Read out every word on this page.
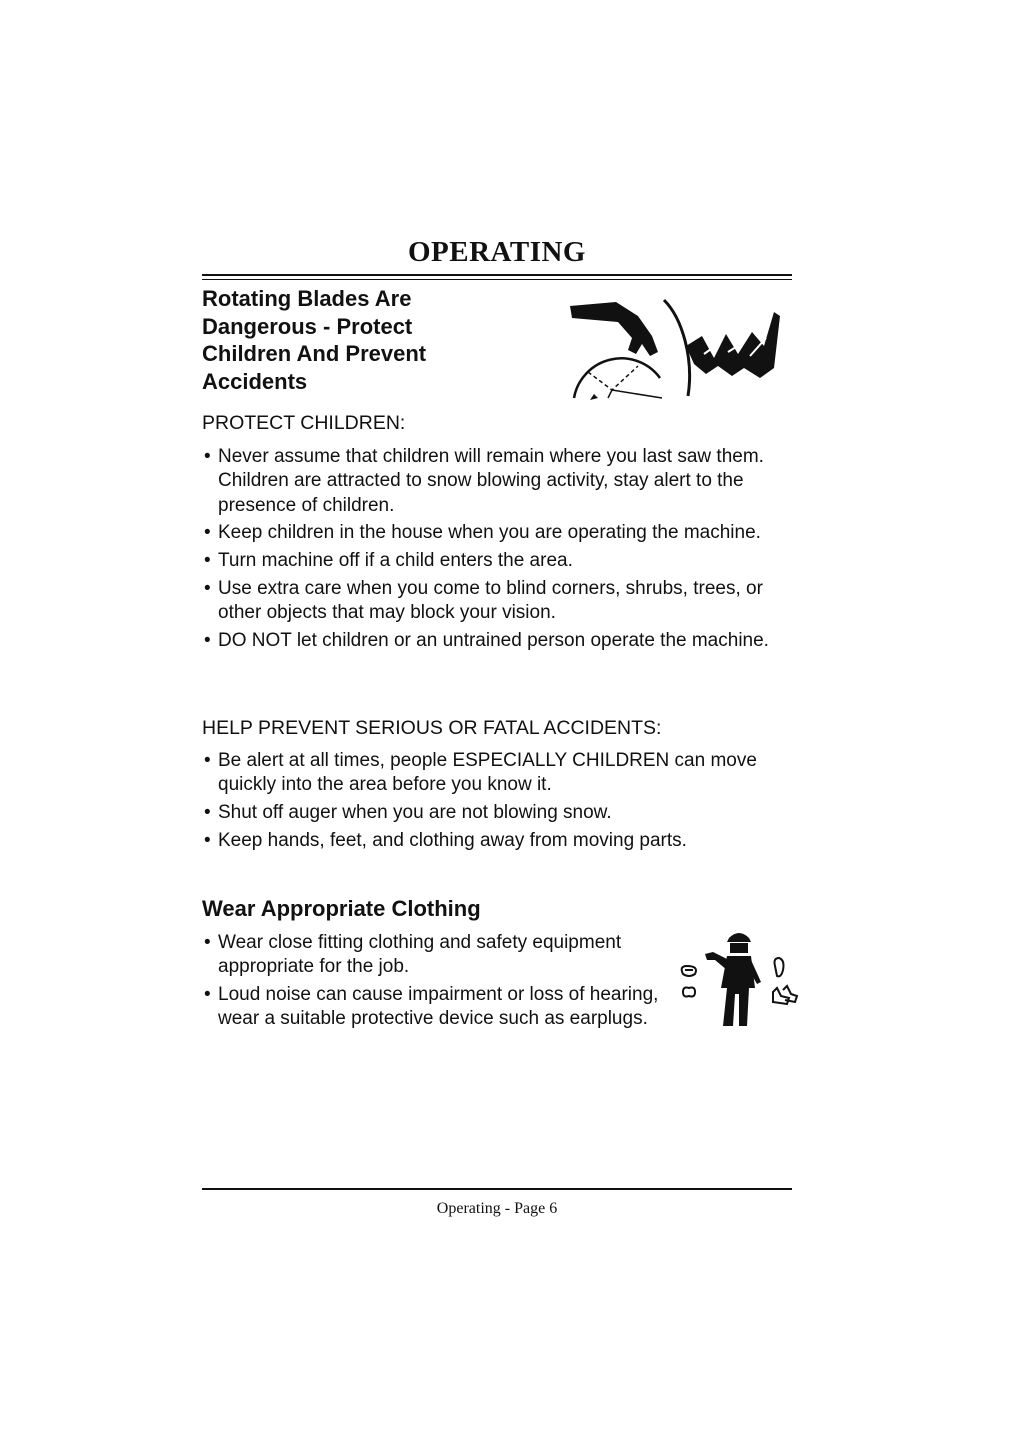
OPERATING
Rotating Blades Are
Dangerous - Protect
Children And Prevent
Accidents
PROTECT CHILDREN:
• Never assume that children will remain where you last saw them. Children are attracted to snow blowing activity, stay alert to the presence of children.
• Keep children in the house when you are operating the machine.
• Turn machine off if a child enters the area.
• Use extra care when you come to blind corners, shrubs, trees, or other objects that may block your vision.
• DO NOT let children or an untrained person operate the machine.
HELP PREVENT SERIOUS OR FATAL ACCIDENTS:
• Be alert at all times, people ESPECIALLY CHILDREN can move quickly into the area before you know it.
• Shut off auger when you are not blowing snow.
• Keep hands, feet, and clothing away from moving parts.
Wear Appropriate Clothing
• Wear close fitting clothing and safety equipment appropriate for the job.
• Loud noise can cause impairment or loss of hearing, wear a suitable protective device such as earplugs.
Operating - Page 6
